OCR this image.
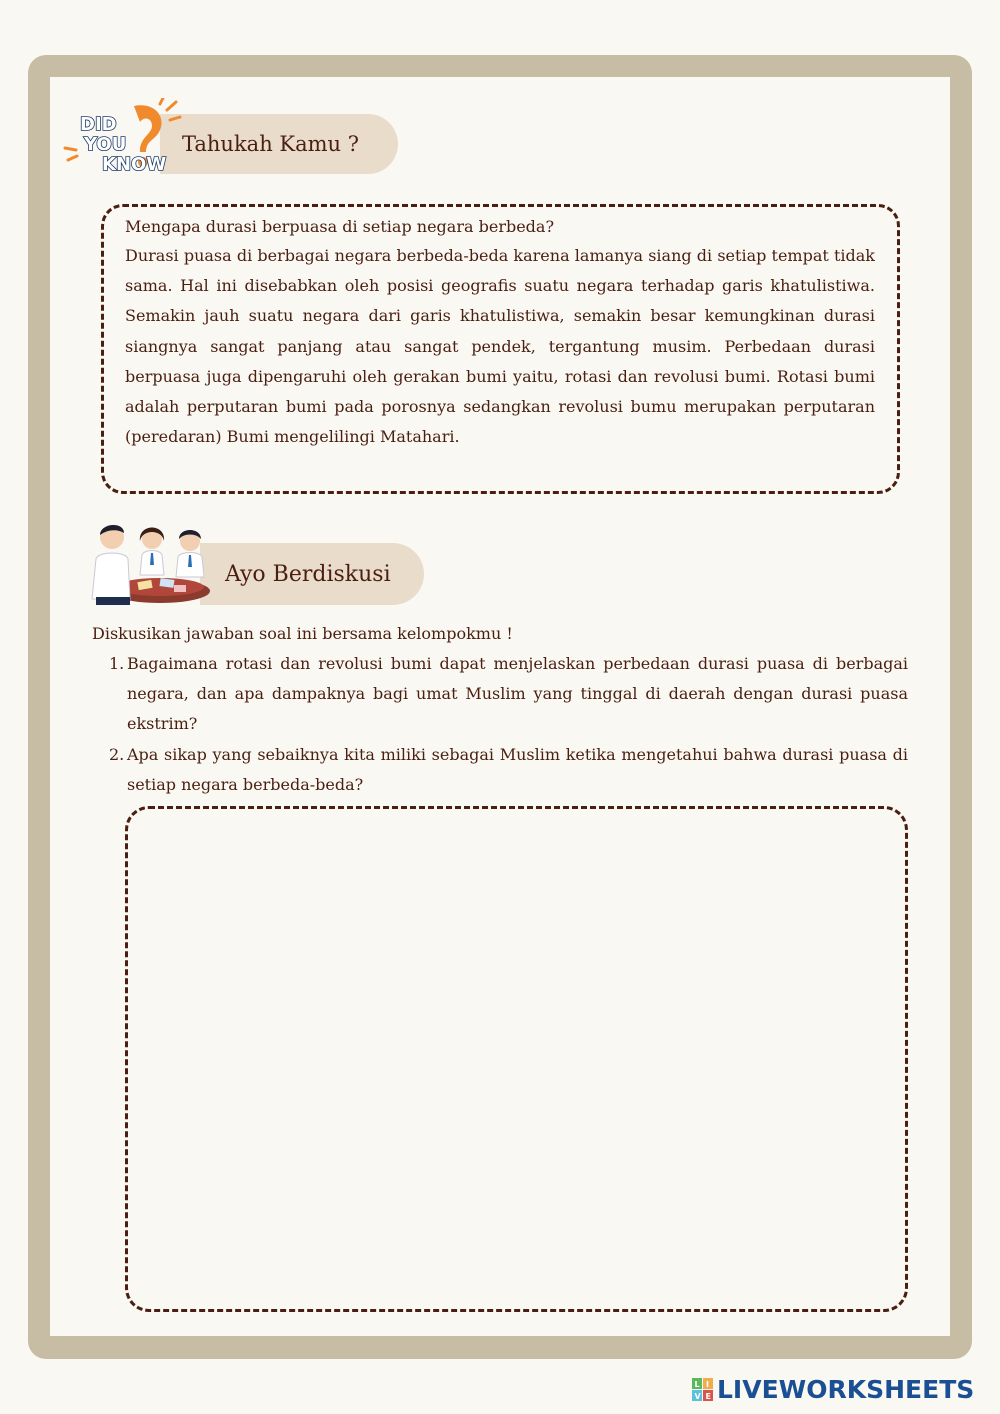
Tahukah Kamu ?
DID
YOU
KNOW
Mengapa durasi berpuasa di setiap negara berbeda?
Durasi puasa di berbagai negara berbeda-beda karena lamanya siang di setiap tempat tidak sama. Hal ini disebabkan oleh posisi geografis suatu negara terhadap garis khatulistiwa. Semakin jauh suatu negara dari garis khatulistiwa, semakin besar kemungkinan durasi siangnya sangat panjang atau sangat pendek, tergantung musim. Perbedaan durasi berpuasa juga dipengaruhi oleh gerakan bumi yaitu, rotasi dan revolusi bumi. Rotasi bumi adalah perputaran bumi pada porosnya sedangkan revolusi bumu merupakan perputaran (peredaran) Bumi mengelilingi Matahari.
Ayo Berdiskusi
Diskusikan jawaban soal ini bersama kelompokmu !
1. Bagaimana rotasi dan revolusi bumi dapat menjelaskan perbedaan durasi puasa di berbagai negara, dan apa dampaknya bagi umat Muslim yang tinggal di daerah dengan durasi puasa ekstrim?
2. Apa sikap yang sebaiknya kita miliki sebagai Muslim ketika mengetahui bahwa durasi puasa di setiap negara berbeda-beda?
L I
V E LIVEWORKSHEETS
